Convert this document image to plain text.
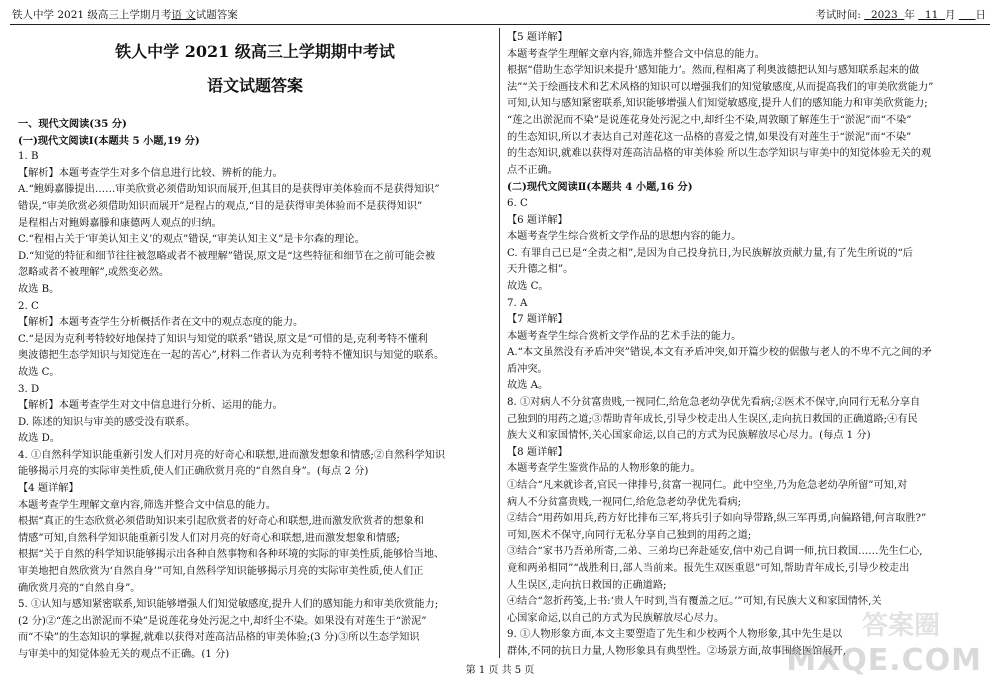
铁人中学 2021 级高三上学期月考语 文试题答案	考试时间: 2023 年 11 月 日
铁人中学 2021 级高三上学期期中考试
语文试题答案

一、现代文阅读(35 分)

(一)现代文阅读Ⅰ(本题共 5 小题,19 分)

1. B

【解析】本题考查学生对多个信息进行比较、辨析的能力。

A.“鲍姆嘉滕提出……审美欣赏必须借助知识而展开,但其目的是获得审美体验而不是获得知识”

错误,“审美欣赏必须借助知识而展开”是程占的观点,“目的是获得审美体验而不是获得知识”

是程相占对鲍姆嘉滕和康德两人观点的归纳。

C.“程相占关于‘审美认知主义’的观点”错误,“审美认知主义”是卡尔森的理论。

D.“知觉的特征和细节往往被忽略或者不被理解”错误,原文是“这些特征和细节在之前可能会被

忽略或者不被理解”,或然变必然。

故选 B。

2. C

【解析】本题考查学生分析概括作者在文中的观点态度的能力。

C.“是因为克利考特较好地保持了知识与知觉的联系”错误,原文是“可惜的是,克利考特不懂利

奥波德把生态学知识与知觉连在一起的苦心”,材料二作者认为克利考特不懂知识与知觉的联系。

故选 C。

3. D

【解析】本题考查学生对文中信息进行分析、运用的能力。

D. 陈述的知识与审美的感受没有联系。

故选 D。

4. ①自然科学知识能重新引发人们对月亮的好奇心和联想,进而激发想象和情感;②自然科学知识

能够揭示月亮的实际审美性质,使人们正确欣赏月亮的“自然自身”。(每点 2 分)

【4 题详解】

本题考查学生理解文章内容,筛选并整合文中信息的能力。

根据“真正的生态欣赏必须借助知识来引起欣赏者的好奇心和联想,进而激发欣赏者的想象和

情感”可知,自然科学知识能重新引发人们对月亮的好奇心和联想,进而激发想象和情感;

根据“关于自然的科学知识能够揭示出各种自然事物和各种环境的实际的审美性质,能够恰当地、

审美地把自然欣赏为‘自然自身’”可知,自然科学知识能够揭示月亮的实际审美性质,使人们正

确欣赏月亮的“自然自身”。

5. ①认知与感知紧密联系,知识能够增强人们知觉敏感度,提升人们的感知能力和审美欣赏能力;

(2 分)②“莲之出淤泥而不染”是说莲花身处污泥之中,却纤尘不染。如果没有对莲生于“淤泥”

而“不染”的生态知识的掌握,就难以获得对莲高洁品格的审美体验;(3 分)③所以生态学知识

与审美中的知觉体验无关的观点不正确。(1 分)

【5 题详解】

本题考查学生理解文章内容,筛选并整合文中信息的能力。

根据“借助生态学知识来提升‘感知能力’。然而,程相离了利奥波德把认知与感知联系起来的做

法”“关于绘画技术和艺术风格的知识可以增强我们的知觉敏感度,从而提高我们的审美欣赏能力”

可知,认知与感知紧密联系,知识能够增强人们知觉敏感度,提升人们的感知能力和审美欣赏能力;

“莲之出淤泥而不染”是说莲花身处污泥之中,却纤尘不染,周敦颐了解莲生于“淤泥”而“不染”

的生态知识,所以才表达自己对莲花这一品格的喜爱之情,如果没有对莲生于“淤泥”而“不染”

的生态知识,就难以获得对莲高洁品格的审美体验 所以生态学知识与审美中的知觉体验无关的观

点不正确。

(二)现代文阅读Ⅱ(本题共 4 小题,16 分)

6. C

【6 题详解】

本题考查学生综合赏析文学作品的思想内容的能力。

C. 有罪自己已是“全责之相”,是因为自己投身抗日,为民族解放贡献力量,有了先生所说的“后

天升德之相”。

故选 C。

7. A

【7 题详解】

本题考查学生综合赏析文学作品的艺术手法的能力。

A.“本文虽然没有矛盾冲突”错误,本文有矛盾冲突,如开篇少校的倨傲与老人的不卑不亢之间的矛

盾冲突。

故选 A。

8. ①对病人不分贫富贵贱,一视同仁,给危急老幼孕优先看病;②医术不保守,向同行无私分享自

己独到的用药之道;③帮助青年成长,引导少校走出人生误区,走向抗日救国的正确道路;④有民

族大义和家国情怀,关心国家命运,以自己的方式为民族解放尽心尽力。(每点 1 分)

【8 题详解】

本题考查学生鉴赏作品的人物形象的能力。

①结合“凡来就诊者,官民一律排号,贫富一视同仁。此中空坐,乃为危急老幼孕所留”可知,对

病人不分贫富贵贱,一视同仁,给危急老幼孕优先看病;

②结合“用药如用兵,药方好比排布三军,将兵引子如向导带路,纵三军再勇,向偏路错,何言取胜?”

可知,医术不保守,向同行无私分享自己独到的用药之道;

③结合“家书乃吾弟所寄,二弟、三弟均已奔赴延安,信中劝己自调一师,抗日救国……先生仁心,

竟和两弟相同”“战胜利日,部人当前来。报先生双医重恩”可知,帮助青年成长,引导少校走出

人生误区,走向抗日救国的正确道路;

④结合“忽折药笺,上书:‘贵人午时到,当有覆盖之厄。’”可知,有民族大义和家国情怀,关

心国家命运,以自己的方式为民族解放尽心尽力。

9. ①人物形象方面,本文主要塑造了先生和少校两个人物形象,其中先生是以

群体,不同的抗日力量,人物形象具有典型性。②场景方面,故事围绕医馆展开,

答案圈
MXQE.COM
第 1 页 共 5 页
